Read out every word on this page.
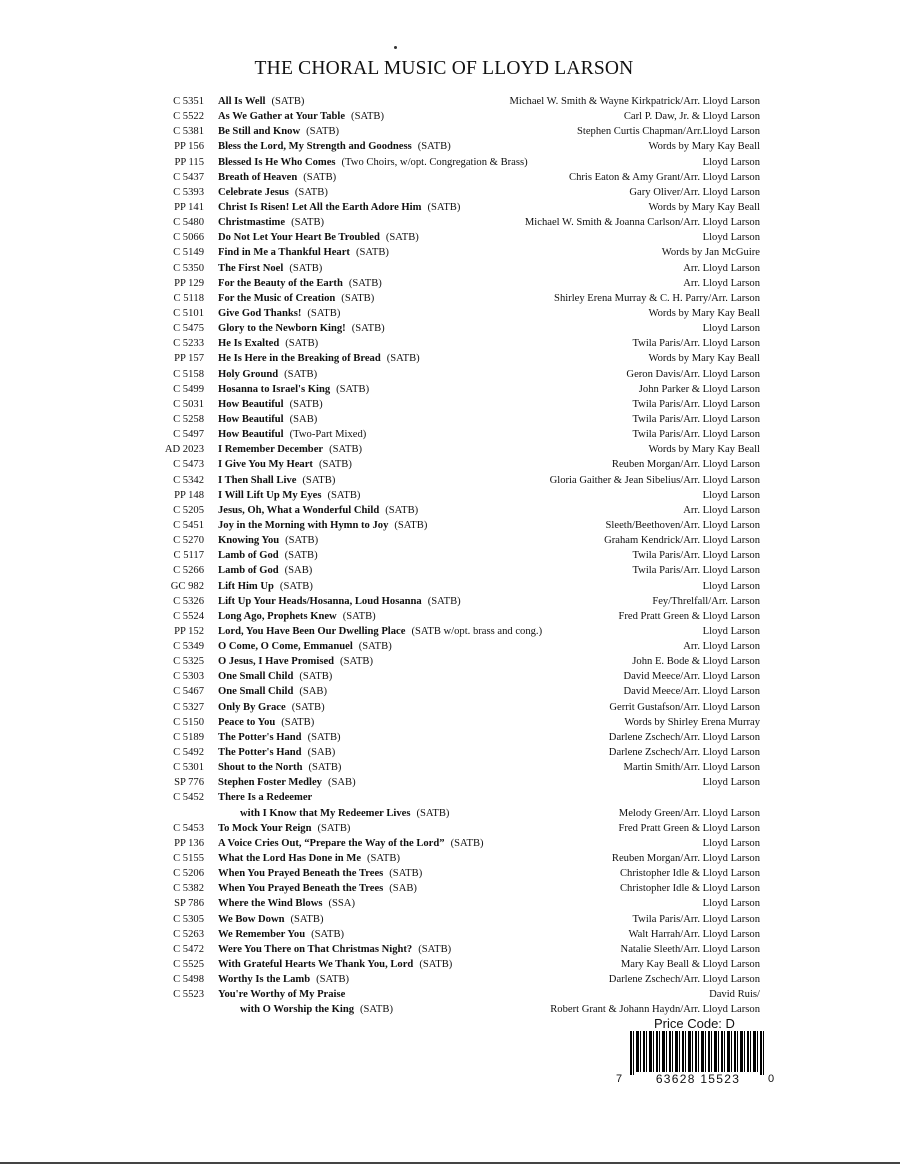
THE CHORAL MUSIC OF LLOYD LARSON
C 5351 All Is Well (SATB)	Michael W. Smith & Wayne Kirkpatrick/Arr. Lloyd Larson
C 5522 As We Gather at Your Table (SATB)	Carl P. Daw, Jr. & Lloyd Larson
C 5381 Be Still and Know (SATB)	Stephen Curtis Chapman/Arr.Lloyd Larson
PP 156 Bless the Lord, My Strength and Goodness (SATB)	Words by Mary Kay Beall
PP 115 Blessed Is He Who Comes (Two Choirs, w/opt. Congregation & Brass)	Lloyd Larson
C 5437 Breath of Heaven (SATB)	Chris Eaton & Amy Grant/Arr. Lloyd Larson
C 5393 Celebrate Jesus (SATB)	Gary Oliver/Arr. Lloyd Larson
PP 141 Christ Is Risen! Let All the Earth Adore Him (SATB)	Words by Mary Kay Beall
C 5480 Christmastime (SATB)	Michael W. Smith & Joanna Carlson/Arr. Lloyd Larson
C 5066 Do Not Let Your Heart Be Troubled (SATB)	Lloyd Larson
C 5149 Find in Me a Thankful Heart (SATB)	Words by Jan McGuire
C 5350 The First Noel (SATB)	Arr. Lloyd Larson
PP 129 For the Beauty of the Earth (SATB)	Arr. Lloyd Larson
C 5118 For the Music of Creation (SATB)	Shirley Erena Murray & C. H. Parry/Arr. Larson
C 5101 Give God Thanks! (SATB)	Words by Mary Kay Beall
C 5475 Glory to the Newborn King! (SATB)	Lloyd Larson
C 5233 He Is Exalted (SATB)	Twila Paris/Arr. Lloyd Larson
PP 157 He Is Here in the Breaking of Bread (SATB)	Words by Mary Kay Beall
C 5158 Holy Ground (SATB)	Geron Davis/Arr. Lloyd Larson
C 5499 Hosanna to Israel's King (SATB)	John Parker & Lloyd Larson
C 5031 How Beautiful (SATB)	Twila Paris/Arr. Lloyd Larson
C 5258 How Beautiful (SAB)	Twila Paris/Arr. Lloyd Larson
C 5497 How Beautiful (Two-Part Mixed)	Twila Paris/Arr. Lloyd Larson
AD 2023 I Remember December (SATB)	Words by Mary Kay Beall
C 5473 I Give You My Heart (SATB)	Reuben Morgan/Arr. Lloyd Larson
C 5342 I Then Shall Live (SATB)	Gloria Gaither & Jean Sibelius/Arr. Lloyd Larson
PP 148 I Will Lift Up My Eyes (SATB)	Lloyd Larson
C 5205 Jesus, Oh, What a Wonderful Child (SATB)	Arr. Lloyd Larson
C 5451 Joy in the Morning with Hymn to Joy (SATB)	Sleeth/Beethoven/Arr. Lloyd Larson
C 5270 Knowing You (SATB)	Graham Kendrick/Arr. Lloyd Larson
C 5117 Lamb of God (SATB)	Twila Paris/Arr. Lloyd Larson
C 5266 Lamb of God (SAB)	Twila Paris/Arr. Lloyd Larson
GC 982 Lift Him Up (SATB)	Lloyd Larson
C 5326 Lift Up Your Heads/Hosanna, Loud Hosanna (SATB)	Fey/Threlfall/Arr. Larson
C 5524 Long Ago, Prophets Knew (SATB)	Fred Pratt Green & Lloyd Larson
PP 152 Lord, You Have Been Our Dwelling Place (SATB w/opt. brass and cong.)	Lloyd Larson
C 5349 O Come, O Come, Emmanuel (SATB)	Arr. Lloyd Larson
C 5325 O Jesus, I Have Promised (SATB)	John E. Bode & Lloyd Larson
C 5303 One Small Child (SATB)	David Meece/Arr. Lloyd Larson
C 5467 One Small Child (SAB)	David Meece/Arr. Lloyd Larson
C 5327 Only By Grace (SATB)	Gerrit Gustafson/Arr. Lloyd Larson
C 5150 Peace to You (SATB)	Words by Shirley Erena Murray
C 5189 The Potter's Hand (SATB)	Darlene Zschech/Arr. Lloyd Larson
C 5492 The Potter's Hand (SAB)	Darlene Zschech/Arr. Lloyd Larson
C 5301 Shout to the North (SATB)	Martin Smith/Arr. Lloyd Larson
SP 776 Stephen Foster Medley (SAB)	Lloyd Larson
C 5452 There Is a Redeemer
with I Know that My Redeemer Lives (SATB)	Melody Green/Arr. Lloyd Larson
C 5453 To Mock Your Reign (SATB)	Fred Pratt Green & Lloyd Larson
PP 136 A Voice Cries Out, “Prepare the Way of the Lord” (SATB)	Lloyd Larson
C 5155 What the Lord Has Done in Me (SATB)	Reuben Morgan/Arr. Lloyd Larson
C 5206 When You Prayed Beneath the Trees (SATB)	Christopher Idle & Lloyd Larson
C 5382 When You Prayed Beneath the Trees (SAB)	Christopher Idle & Lloyd Larson
SP 786 Where the Wind Blows (SSA)	Lloyd Larson
C 5305 We Bow Down (SATB)	Twila Paris/Arr. Lloyd Larson
C 5263 We Remember You (SATB)	Walt Harrah/Arr. Lloyd Larson
C 5472 Were You There on That Christmas Night? (SATB)	Natalie Sleeth/Arr. Lloyd Larson
C 5525 With Grateful Hearts We Thank You, Lord (SATB)	Mary Kay Beall & Lloyd Larson
C 5498 Worthy Is the Lamb (SATB)	Darlene Zschech/Arr. Lloyd Larson
C 5523 You're Worthy of My Praise	David Ruis/
with O Worship the King (SATB)	Robert Grant & Johann Haydn/Arr. Lloyd Larson
Price Code: D
7	63628 15523	0
